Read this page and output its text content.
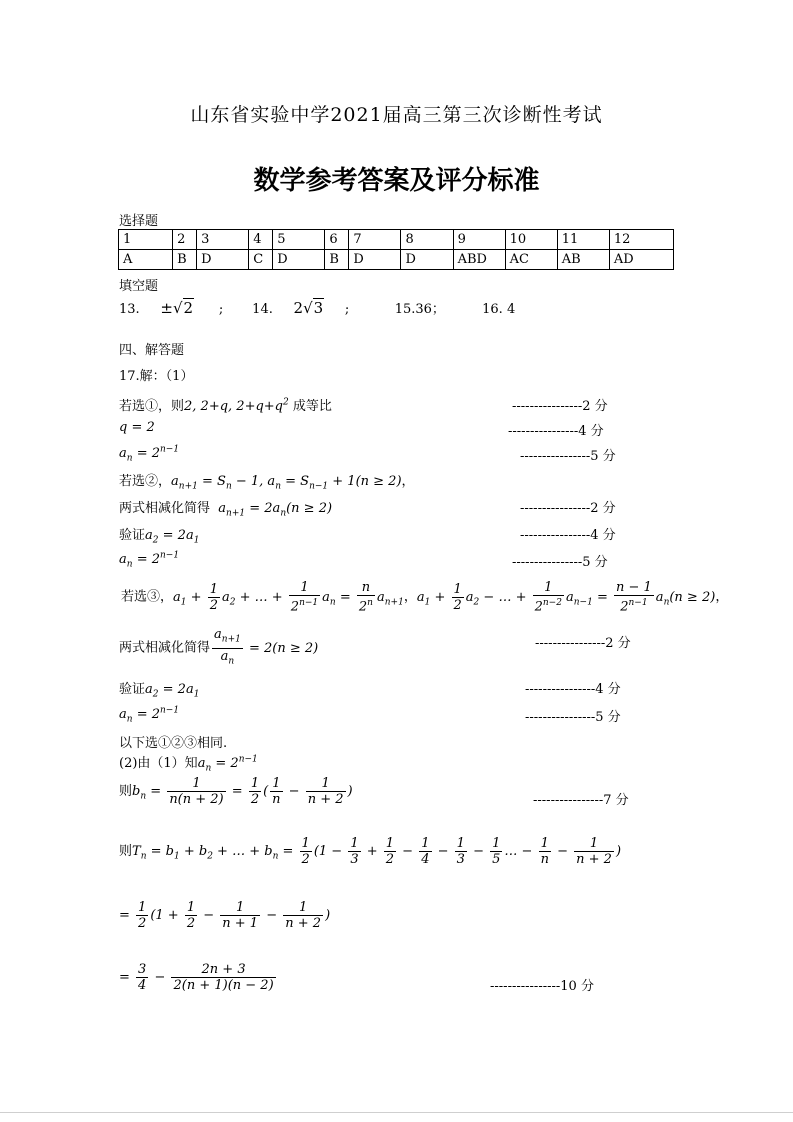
山东省实验中学2021届高三第三次诊断性考试
数学参考答案及评分标准
选择题
1	2	3	4	5	6	7	8	9	10	11	12
A	B	D	C	D	B	D	D	ABD	AC	AB	AD
填空题
13. ±√2 ; 14. 2√3 ;	15.36；	16. 4
四、解答题
17.解：（1）
若选①，则2, 2+q, $2+q+q^2$ 成等比	----------------2 分
q = 2	----------------4 分
$a_n = 2^{n-1}$	----------------5 分
若选②，$a_{n+1} = S_n - 1$, $a_n = S_{n-1} + 1(n \ge 2)$，
两式相减化简得 $a_{n+1} = 2a_n(n \ge 2)$	----------------2 分
验证$a_2 = 2a_1$	----------------4 分
$a_n = 2^{n-1}$	----------------5 分
若选③，$a_1 + \frac{1}{2} a_2$ + … + $\frac{1}{2^{n-1}} a_n = \frac{n}{2^n} a_{n+1}$，$a_1 + \frac{1}{2} a_2$ − … + $\frac{1}{2^{n-2}} a_{n-1} = \frac{n - 1}{2^{n-1}} a_n(n \ge 2)$，
两式相减化简得 $\frac{a_{n+1}}{a_n} = 2(n \ge 2)$	----------------2 分
验证$a_2 = 2a_1$	----------------4 分
$a_n = 2^{n-1}$	----------------5 分
以下选①②③相同.
(2)由（1）知$a_n = 2^{n-1}$
则$b_n = \frac{1}{n(n + 2)} = \frac{1}{2}$ ( $\frac{1}{n} - \frac{1}{n + 2}$ )
----------------7 分
则$T_n = b_1 + b_2$ + … + $b_n = \frac{1}{2} (1 - \frac{1}{3} + \frac{1}{2} - \frac{1}{4} - \frac{1}{3} - \frac{1}{5}$ … − $\frac{1}{n} - \frac{1}{n + 2}$ )
= $\frac{1}{2} (1 + \frac{1}{2} - \frac{1}{n + 1} - \frac{1}{n + 2}$ )
= $\frac{3}{4} - \frac{2n + 3}{2(n + 1)(n - 2)}$	----------------10 分
